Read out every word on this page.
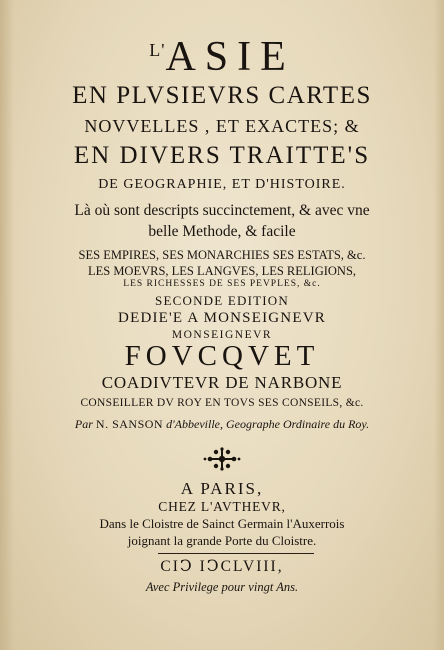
L'ASIE
EN PLVSIEVRS CARTES
NOVVELLES , ET EXACTES; &
EN DIVERS TRAITTE'S
DE GEOGRAPHIE, ET D'HISTOIRE.
Là où sont descripts succinctement, & avec vne
belle Methode, & facile
SES EMPIRES, SES MONARCHIES SES ESTATS, &c.
LES MOEVRS, LES LANGVES, LES RELIGIONS,
LES RICHESSES DE SES PEVPLES, &c.
SECONDE EDITION
DEDIE'E A MONSEIGNEVR
MONSEIGNEVR
FOVCQVET
COADIVTEVR DE NARBONE
CONSEILLER DV ROY EN TOVS SES CONSEILS, &c.
Par N. SANSON d'Abbeville, Geographe Ordinaire du Roy.
A PARIS,
CHEZ L'AVTHEVR,
Dans le Cloistre de Sainct Germain l'Auxerrois
joignant la grande Porte du Cloistre.
CIↃ IↃCLVIII,
Avec Privilege pour vingt Ans.
